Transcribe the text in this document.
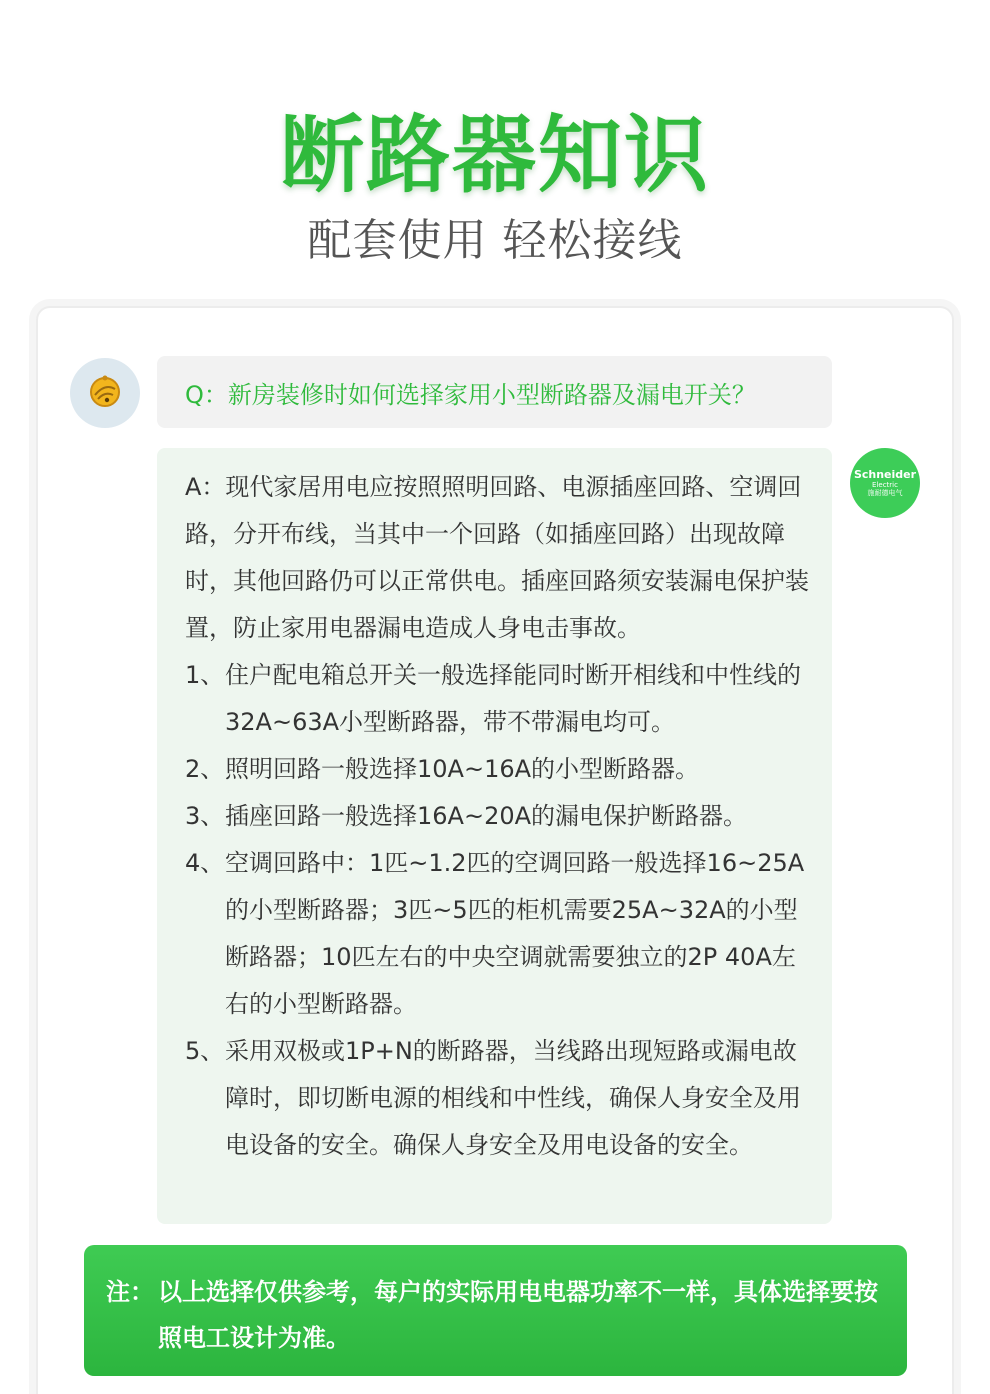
断路器知识
配套使用 轻松接线
Q：新房装修时如何选择家用小型断路器及漏电开关？
Schneider
Electric
施耐德电气

A：现代家居用电应按照照明回路、电源插座回路、空调回路，分开布线，当其中一个回路（如插座回路）出现故障时，其他回路仍可以正常供电。插座回路须安装漏电保护装置，防止家用电器漏电造成人身电击事故。

1、 住户配电箱总开关一般选择能同时断开相线和中性线的32A~63A小型断路器，带不带漏电均可。
2、 照明回路一般选择10A~16A的小型断路器。
3、 插座回路一般选择16A~20A的漏电保护断路器。
4、 空调回路中：1匹~1.2匹的空调回路一般选择16~25A的小型断路器；3匹~5匹的柜机需要25A~32A的小型断路器；10匹左右的中央空调就需要独立的2P 40A左右的小型断路器。
5、 采用双极或1P+N的断路器，当线路出现短路或漏电故障时，即切断电源的相线和中性线，确保人身安全及用电设备的安全。确保人身安全及用电设备的安全。
注： 以上选择仅供参考，每户的实际用电电器功率不一样，具体选择要按照电工设计为准。
